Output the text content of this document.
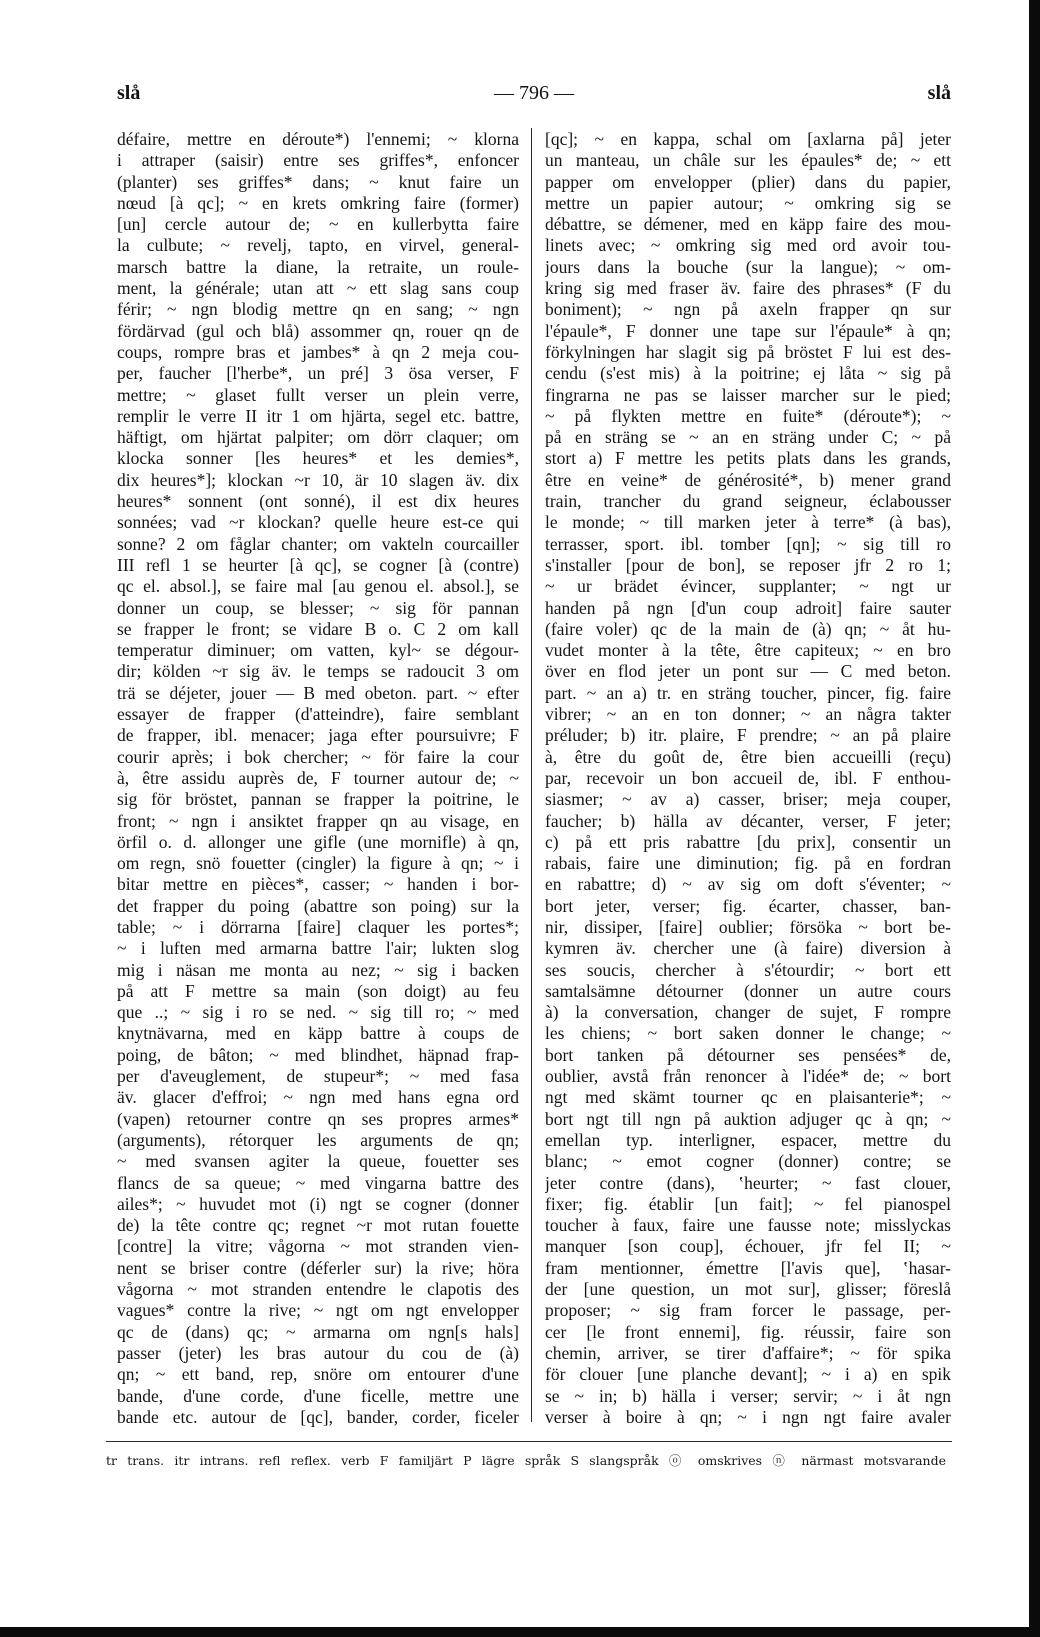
slå	— 796 —	slå
défaire, mettre en déroute*) l'ennemi; ~ klorna
i attraper (saisir) entre ses griffes*, enfoncer
(planter) ses griffes* dans; ~ knut faire un
nœud [à qc]; ~ en krets omkring faire (former)
[un] cercle autour de; ~ en kullerbytta faire
la culbute; ~ revelj, tapto, en virvel, general-
marsch battre la diane, la retraite, un roule-
ment, la générale; utan att ~ ett slag sans coup
férir; ~ ngn blodig mettre qn en sang; ~ ngn
fördärvad (gul och blå) assommer qn, rouer qn de
coups, rompre bras et jambes* à qn 2 meja cou-
per, faucher [l'herbe*, un pré] 3 ösa verser, F
mettre; ~ glaset fullt verser un plein verre,
remplir le verre II itr 1 om hjärta, segel etc. battre,
häftigt, om hjärtat palpiter; om dörr claquer; om
klocka sonner [les heures* et les demies*,
dix heures*]; klockan ~r 10, är 10 slagen äv. dix
heures* sonnent (ont sonné), il est dix heures
sonnées; vad ~r klockan? quelle heure est-ce qui
sonne? 2 om fåglar chanter; om vakteln courcailler
III refl 1 se heurter [à qc], se cogner [à (contre)
qc el. absol.], se faire mal [au genou el. absol.], se
donner un coup, se blesser; ~ sig för pannan
se frapper le front; se vidare B o. C 2 om kall
temperatur diminuer; om vatten, kyl~ se dégour-
dir; kölden ~r sig äv. le temps se radoucit 3 om
trä se déjeter, jouer — B med obeton. part. ~ efter
essayer de frapper (d'atteindre), faire semblant
de frapper, ibl. menacer; jaga efter poursuivre; F
courir après; i bok chercher; ~ för faire la cour
à, être assidu auprès de, F tourner autour de; ~
sig för bröstet, pannan se frapper la poitrine, le
front; ~ ngn i ansiktet frapper qn au visage, en
örfil o. d. allonger une gifle (une mornifle) à qn,
om regn, snö fouetter (cingler) la figure à qn; ~ i
bitar mettre en pièces*, casser; ~ handen i bor-
det frapper du poing (abattre son poing) sur la
table; ~ i dörrarna [faire] claquer les portes*;
~ i luften med armarna battre l'air; lukten slog
mig i näsan me monta au nez; ~ sig i backen
på att F mettre sa main (son doigt) au feu
que ..; ~ sig i ro se ned. ~ sig till ro; ~ med
knytnävarna, med en käpp battre à coups de
poing, de bâton; ~ med blindhet, häpnad frap-
per d'aveuglement, de stupeur*; ~ med fasa
äv. glacer d'effroi; ~ ngn med hans egna ord
(vapen) retourner contre qn ses propres armes*
(arguments), rétorquer les arguments de qn;
~ med svansen agiter la queue, fouetter ses
flancs de sa queue; ~ med vingarna battre des
ailes*; ~ huvudet mot (i) ngt se cogner (donner
de) la tête contre qc; regnet ~r mot rutan fouette
[contre] la vitre; vågorna ~ mot stranden vien-
nent se briser contre (déferler sur) la rive; höra
vågorna ~ mot stranden entendre le clapotis des
vagues* contre la rive; ~ ngt om ngt envelopper
qc de (dans) qc; ~ armarna om ngn[s hals]
passer (jeter) les bras autour du cou de (à)
qn; ~ ett band, rep, snöre om entourer d'une
bande, d'une corde, d'une ficelle, mettre une
bande etc. autour de [qc], bander, corder, ficeler
[qc]; ~ en kappa, schal om [axlarna på] jeter
un manteau, un châle sur les épaules* de; ~ ett
papper om envelopper (plier) dans du papier,
mettre un papier autour; ~ omkring sig se
débattre, se démener, med en käpp faire des mou-
linets avec; ~ omkring sig med ord avoir tou-
jours dans la bouche (sur la langue); ~ om-
kring sig med fraser äv. faire des phrases* (F du
boniment); ~ ngn på axeln frapper qn sur
l'épaule*, F donner une tape sur l'épaule* à qn;
förkylningen har slagit sig på bröstet F lui est des-
cendu (s'est mis) à la poitrine; ej låta ~ sig på
fingrarna ne pas se laisser marcher sur le pied;
~ på flykten mettre en fuite* (déroute*); ~
på en sträng se ~ an en sträng under C; ~ på
stort a) F mettre les petits plats dans les grands,
être en veine* de générosité*, b) mener grand
train, trancher du grand seigneur, éclabousser
le monde; ~ till marken jeter à terre* (à bas),
terrasser, sport. ibl. tomber [qn]; ~ sig till ro
s'installer [pour de bon], se reposer jfr 2 ro 1;
~ ur brädet évincer, supplanter; ~ ngt ur
handen på ngn [d'un coup adroit] faire sauter
(faire voler) qc de la main de (à) qn; ~ åt hu-
vudet monter à la tête, être capiteux; ~ en bro
över en flod jeter un pont sur — C med beton.
part. ~ an a) tr. en sträng toucher, pincer, fig. faire
vibrer; ~ an en ton donner; ~ an några takter
préluder; b) itr. plaire, F prendre; ~ an på plaire
à, être du goût de, être bien accueilli (reçu)
par, recevoir un bon accueil de, ibl. F enthou-
siasmer; ~ av a) casser, briser; meja couper,
faucher; b) hälla av décanter, verser, F jeter;
c) på ett pris rabattre [du prix], consentir un
rabais, faire une diminution; fig. på en fordran
en rabattre; d) ~ av sig om doft s'éventer; ~
bort jeter, verser; fig. écarter, chasser, ban-
nir, dissiper, [faire] oublier; försöka ~ bort be-
kymren äv. chercher une (à faire) diversion à
ses soucis, chercher à s'étourdir; ~ bort ett
samtalsämne détourner (donner un autre cours
à) la conversation, changer de sujet, F rompre
les chiens; ~ bort saken donner le change; ~
bort tanken på détourner ses pensées* de,
oublier, avstå från renoncer à l'idée* de; ~ bort
ngt med skämt tourner qc en plaisanterie*; ~
bort ngt till ngn på auktion adjuger qc à qn; ~
emellan typ. interligner, espacer, mettre du
blanc; ~ emot cogner (donner) contre; se
jeter contre (dans), ʽheurter; ~ fast clouer,
fixer; fig. établir [un fait]; ~ fel pianospel
toucher à faux, faire une fausse note; misslyckas
manquer [son coup], échouer, jfr fel II; ~
fram mentionner, émettre [l'avis que], ʽhasar-
der [une question, un mot sur], glisser; föreslå
proposer; ~ sig fram forcer le passage, per-
cer [le front ennemi], fig. réussir, faire son
chemin, arriver, se tirer d'affaire*; ~ för spika
för clouer [une planche devant]; ~ i a) en spik
se ~ in; b) hälla i verser; servir; ~ i åt ngn
verser à boire à qn; ~ i ngn ngt faire avaler
tr trans. itr intrans. refl reflex. verb F familjärt P lägre språk S slangspråk ⓞ omskrives ⓝ närmast motsvarande
